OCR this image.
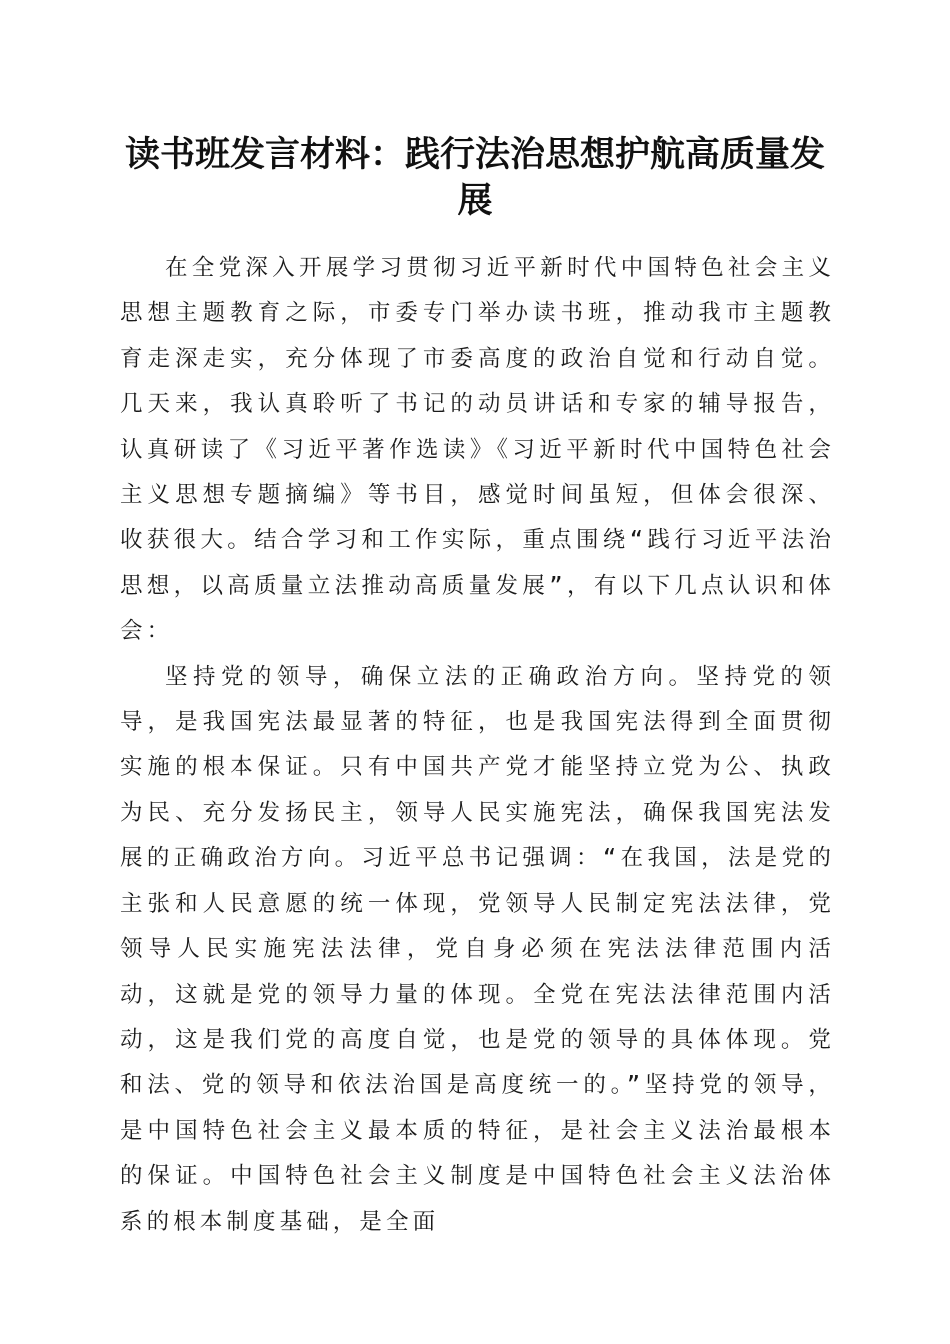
读书班发言材料：践行法治思想护航高质量发
展

在全党深入开展学习贯彻习近平新时代中国特色社会主义思想主题教育之际，市委专门举办读书班，推动我市主题教育走深走实，充分体现了市委高度的政治自觉和行动自觉。几天来，我认真聆听了书记的动员讲话和专家的辅导报告，认真研读了《习近平著作选读》《习近平新时代中国特色社会主义思想专题摘编》等书目，感觉时间虽短，但体会很深、收获很大。结合学习和工作实际，重点围绕“践行习近平法治思想，以高质量立法推动高质量发展”，有以下几点认识和体会：

坚持党的领导，确保立法的正确政治方向。坚持党的领导，是我国宪法最显著的特征，也是我国宪法得到全面贯彻实施的根本保证。只有中国共产党才能坚持立党为公、执政为民、充分发扬民主，领导人民实施宪法，确保我国宪法发展的正确政治方向。习近平总书记强调：“在我国，法是党的主张和人民意愿的统一体现，党领导人民制定宪法法律，党领导人民实施宪法法律，党自身必须在宪法法律范围内活动，这就是党的领导力量的体现。全党在宪法法律范围内活动，这是我们党的高度自觉，也是党的领导的具体体现。党和法、党的领导和依法治国是高度统一的。”坚持党的领导，是中国特色社会主义最本质的特征，是社会主义法治最根本的保证。中国特色社会主义制度是中国特色社会主义法治体系的根本制度基础，是全面
